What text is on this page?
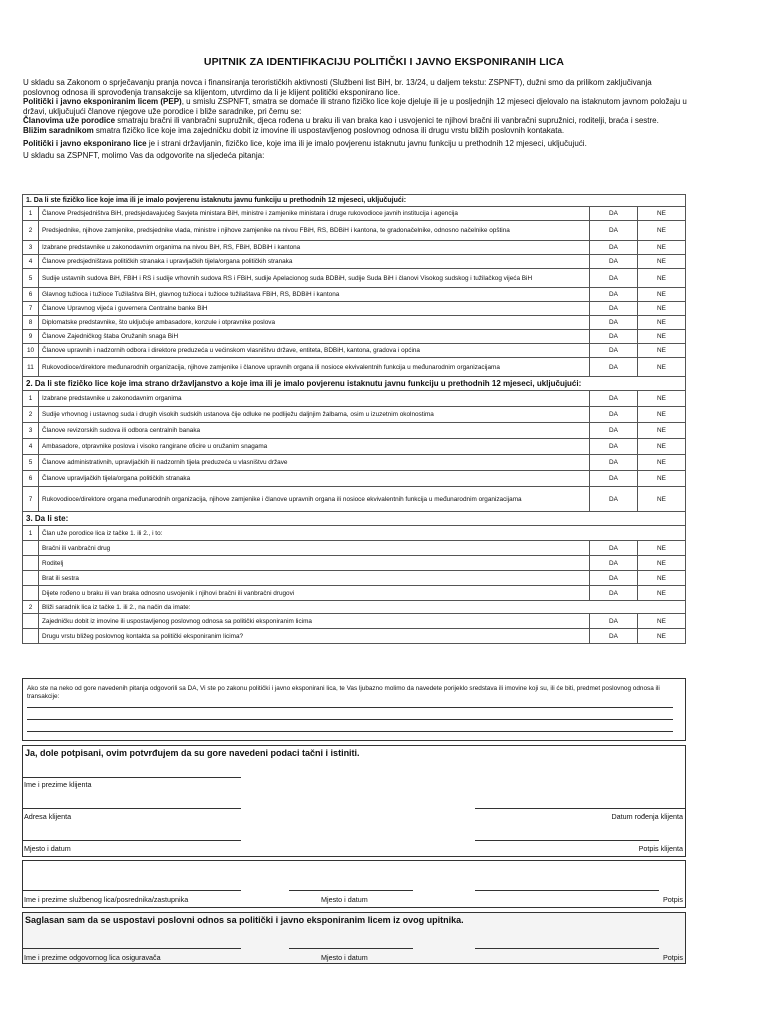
UPITNIK ZA IDENTIFIKACIJU POLITIČKI I JAVNO EKSPONIRANIH LICA

U skladu sa Zakonom o sprječavanju pranja novca i finansiranja terorističkih aktivnosti (Službeni list BiH, br. 13/24, u daljem tekstu: ZSPNFT), dužni smo da prilikom zaključivanja poslovnog odnosa ili sprovođenja transakcije sa klijentom, utvrdimo da li je klijent politički eksponirano lice.

Politički i javno eksponiranim licem (PEP), u smislu ZSPNFT, smatra se domaće ili strano fizičko lice koje djeluje ili je u posljednjih 12 mjeseci djelovalo na istaknutom javnom položaju u državi, uključujući članove njegove uže porodice i bliže saradnike, pri čemu se:

Članovima uže porodice smatraju bračni ili vanbračni supružnik, djeca rođena u braku ili van braka kao i usvojenici te njihovi bračni ili vanbračni supružnici, roditelji, braća i sestre.

Bližim saradnikom smatra fizičko lice koje ima zajedničku dobit iz imovine ili uspostavljenog poslovnog odnosa ili drugu vrstu bližih poslovnih kontakata.

Politički i javno eksponirano lice je i strani državljanin, fizičko lice, koje ima ili je imalo povjerenu istaknutu javnu funkciju u prethodnih 12 mjeseci, uključujući.

U skladu sa ZSPNFT, molimo Vas da odgovorite na sljedeća pitanja:

1. Da li ste fizičko lice koje ima ili je imalo povjerenu istaknutu javnu funkciju u prethodnih 12 mjeseci, uključujući:			
1	Članove Predsjedništva BiH, predsjedavajućeg Savjeta ministara BiH, ministre i zamjenike ministara i druge rukovodioce javnih institucija i agencija	DA	NE
2	Predsjednike, njihove zamjenike, predsjednike vlada, ministre i njihove zamjenike na nivou FBiH, RS, BDBiH i kantona, te gradonačelnike, odnosno načelnike opština	DA	NE
3	Izabrane predstavnike u zakonodavnim organima na nivou BiH, RS, FBiH, BDBiH i kantona	DA	NE
4	Članove predsjedništava političkih stranaka i upravljačkih tijela/organa političkih stranaka	DA	NE
5	Sudije ustavnih sudova BiH, FBiH i RS i sudije vrhovnih sudova RS i FBiH, sudije Apelacionog suda BDBiH, sudije Suda BiH i članovi Visokog sudskog i tužilačkog vijeća BiH	DA	NE
6	Glavnog tužioca i tužioce Tužilaštva BiH, glavnog tužioca i tužioce tužilaštava FBiH, RS, BDBiH i kantona	DA	NE
7	Članove Upravnog vijeća i guvernera Centralne banke BiH	DA	NE
8	Diplomatske predstavnike, što uključuje ambasadore, konzule i otpravnike poslova	DA	NE
9	Članove Zajedničkog štaba Oružanih snaga BiH	DA	NE
10	Članove upravnih i nadzornih odbora i direktore preduzeća u većinskom vlasništvu države, entiteta, BDBiH, kantona, gradova i općina	DA	NE
11	Rukovodioce/direktore međunarodnih organizacija, njihove zamjenike i članove upravnih organa ili nosioce ekvivalentnih funkcija u međunarodnim organizacijama	DA	NE
2. Da li ste fizičko lice koje ima strano državljanstvo a koje ima ili je imalo povjerenu istaknutu javnu funkciju u prethodnih 12 mjeseci, uključujući:			
1	Izabrane predstavnike u zakonodavnim organima	DA	NE
2	Sudije vrhovnog i ustavnog suda i drugih visokih sudskih ustanova čije odluke ne podliježu daljnjim žalbama, osim u izuzetnim okolnostima	DA	NE
3	Članove revizorskih sudova ili odbora centralnih banaka	DA	NE
4	Ambasadore, otpravnike poslova i visoko rangirane oficire u oružanim snagama	DA	NE
5	Članove administrativnih, upravljačkih ili nadzornih tijela preduzeća u vlasništvu države	DA	NE
6	Članove upravljačkih tijela/organa političkih stranaka	DA	NE
7	Rukovodioce/direktore organa međunarodnih organizacija, njihove zamjenike i članove upravnih organa ili nosioce ekvivalentnih funkcija u međunarodnim organizacijama	DA	NE
3. Da li ste:			
1	Član uže porodice lica iz tačke 1. ili 2., i to:		
	Bračni ili vanbračni drug	DA	NE
	Roditelj	DA	NE
	Brat ili sestra	DA	NE
	Dijete rođeno u braku ili van braka odnosno usvojenik i njihovi bračni ili vanbračni drugovi	DA	NE
2	Bliži saradnik lica iz tačke 1. ili 2., na način da imate:		
	Zajedničku dobit iz imovine ili uspostavljenog poslovnog odnosa sa politički eksponiranim licima	DA	NE
	Drugu vrstu bližeg poslovnog kontakta sa politički eksponiranim licima?	DA	NE
Ako ste na neko od gore navedenih pitanja odgovorili sa DA, Vi ste po zakonu politički i javno eksponirani lica, te Vas ljubazno molimo da navedete porijeklo sredstava ili imovine koji su, ili će biti, predmet poslovnog odnosa ili transakcije:
Ja, dole potpisani, ovim potvrđujem da su gore navedeni podaci tačni i istiniti.
Ime i prezime klijenta
Adresa klijenta	Datum rođenja klijenta
Mjesto i datum	Potpis klijenta
Ime i prezime službenog lica/posrednika/zastupnika	Mjesto i datum	Potpis
Saglasan sam da se uspostavi poslovni odnos sa politički i javno eksponiranim licem iz ovog upitnika.
Ime i prezime odgovornog lica osiguravača	Mjesto i datum	Potpis
